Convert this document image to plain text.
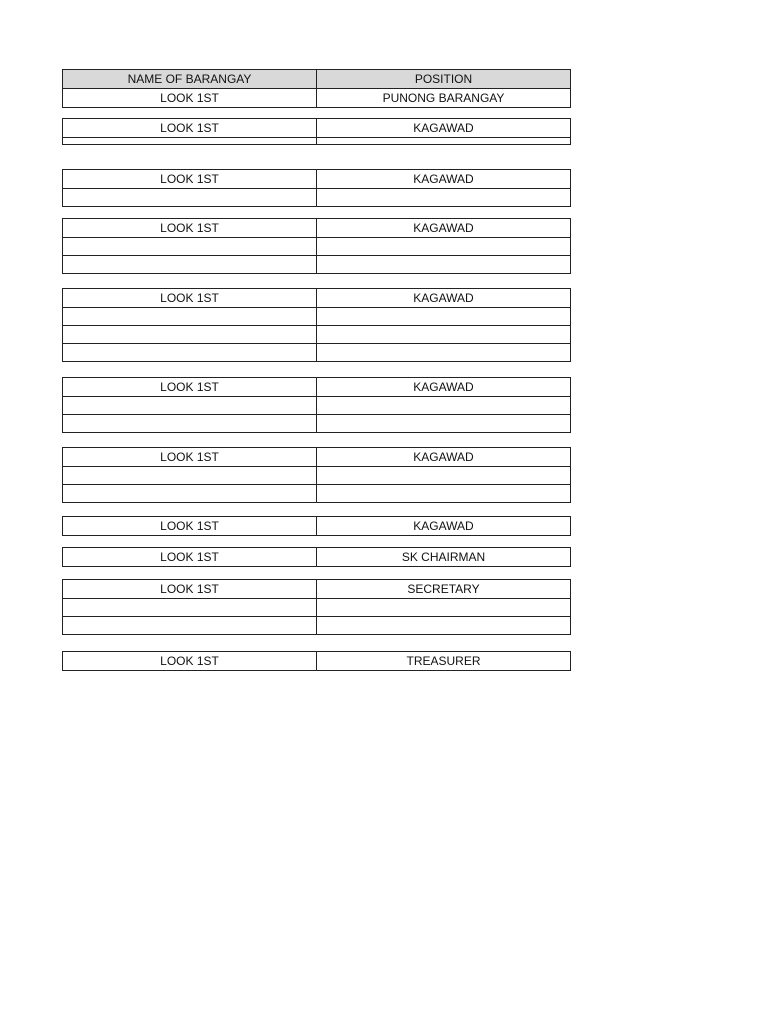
NAME OF BARANGAY	POSITION
LOOK 1ST	PUNONG BARANGAY
LOOK 1ST	KAGAWAD

LOOK 1ST	KAGAWAD

LOOK 1ST	KAGAWAD

LOOK 1ST	KAGAWAD

LOOK 1ST	KAGAWAD

LOOK 1ST	KAGAWAD

LOOK 1ST	KAGAWAD
LOOK 1ST	SK CHAIRMAN
LOOK 1ST	SECRETARY

LOOK 1ST	TREASURER
